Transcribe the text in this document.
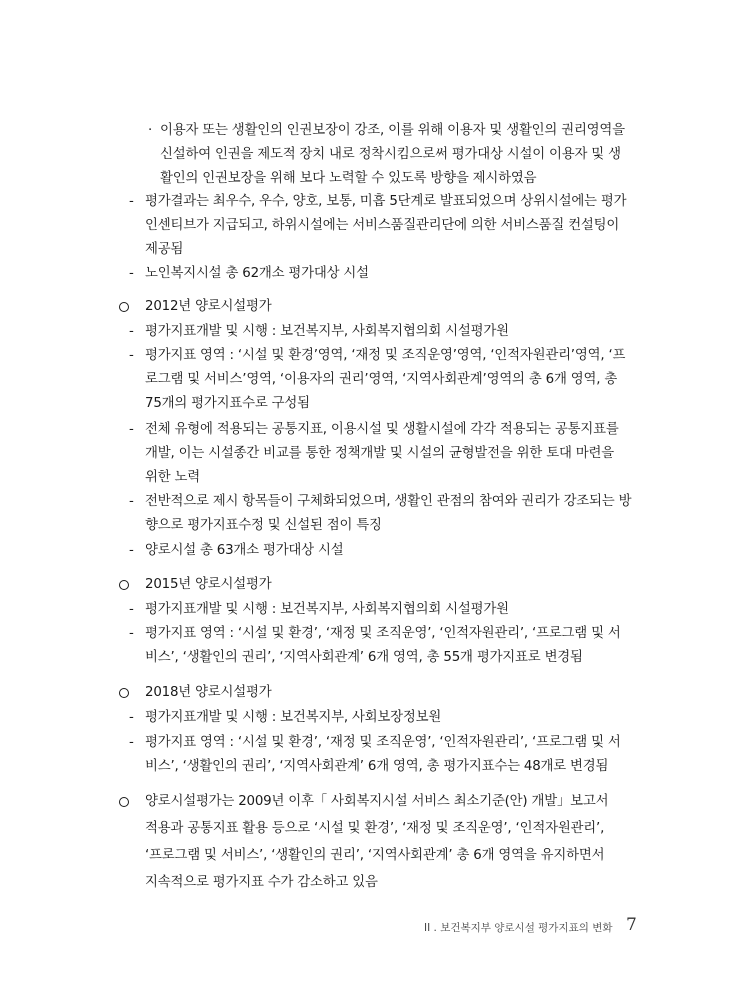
· 이용자 또는 생활인의 인권보장이 강조, 이를 위해 이용자 및 생활인의 권리영역을
신설하여 인권을 제도적 장치 내로 정착시킴으로써 평가대상 시설이 이용자 및 생
활인의 인권보장을 위해 보다 노력할 수 있도록 방향을 제시하였음
- 평가결과는 최우수, 우수, 양호, 보통, 미흡 5단계로 발표되었으며 상위시설에는 평가
인센티브가 지급되고, 하위시설에는 서비스품질관리단에 의한 서비스품질 컨설팅이
제공됨
- 노인복지시설 총 62개소 평가대상 시설
2012년 양로시설평가
- 평가지표개발 및 시행 : 보건복지부, 사회복지협의회 시설평가원
- 평가지표 영역 : ‘시설 및 환경’영역, ‘재정 및 조직운영’영역, ‘인적자원관리’영역, ‘프
로그램 및 서비스’영역, ‘이용자의 권리’영역, ‘지역사회관계’영역의 총 6개 영역, 총
75개의 평가지표수로 구성됨
- 전체 유형에 적용되는 공통지표, 이용시설 및 생활시설에 각각 적용되는 공통지표를
개발, 이는 시설종간 비교를 통한 정책개발 및 시설의 균형발전을 위한 토대 마련을
위한 노력
- 전반적으로 제시 항목들이 구체화되었으며, 생활인 관점의 참여와 권리가 강조되는 방
향으로 평가지표수정 및 신설된 점이 특징
- 양로시설 총 63개소 평가대상 시설
2015년 양로시설평가
- 평가지표개발 및 시행 : 보건복지부, 사회복지협의회 시설평가원
- 평가지표 영역 : ‘시설 및 환경’, ‘재정 및 조직운영’, ‘인적자원관리’, ‘프로그램 및 서
비스’, ‘생활인의 권리’, ‘지역사회관계’ 6개 영역, 총 55개 평가지표로 변경됨
2018년 양로시설평가
- 평가지표개발 및 시행 : 보건복지부, 사회보장정보원
- 평가지표 영역 : ‘시설 및 환경’, ‘재정 및 조직운영’, ‘인적자원관리’, ‘프로그램 및 서
비스’, ‘생활인의 권리’, ‘지역사회관계’ 6개 영역, 총 평가지표수는 48개로 변경됨
양로시설평가는 2009년 이후「 사회복지시설 서비스 최소기준(안) 개발」보고서
적용과 공통지표 활용 등으로 ‘시설 및 환경’, ‘재정 및 조직운영’, ‘인적자원관리’,
‘프로그램 및 서비스’, ‘생활인의 권리’, ‘지역사회관계’ 총 6개 영역을 유지하면서
지속적으로 평가지표 수가 감소하고 있음
II . 보건복지부 양로시설 평가지표의 변화 7
